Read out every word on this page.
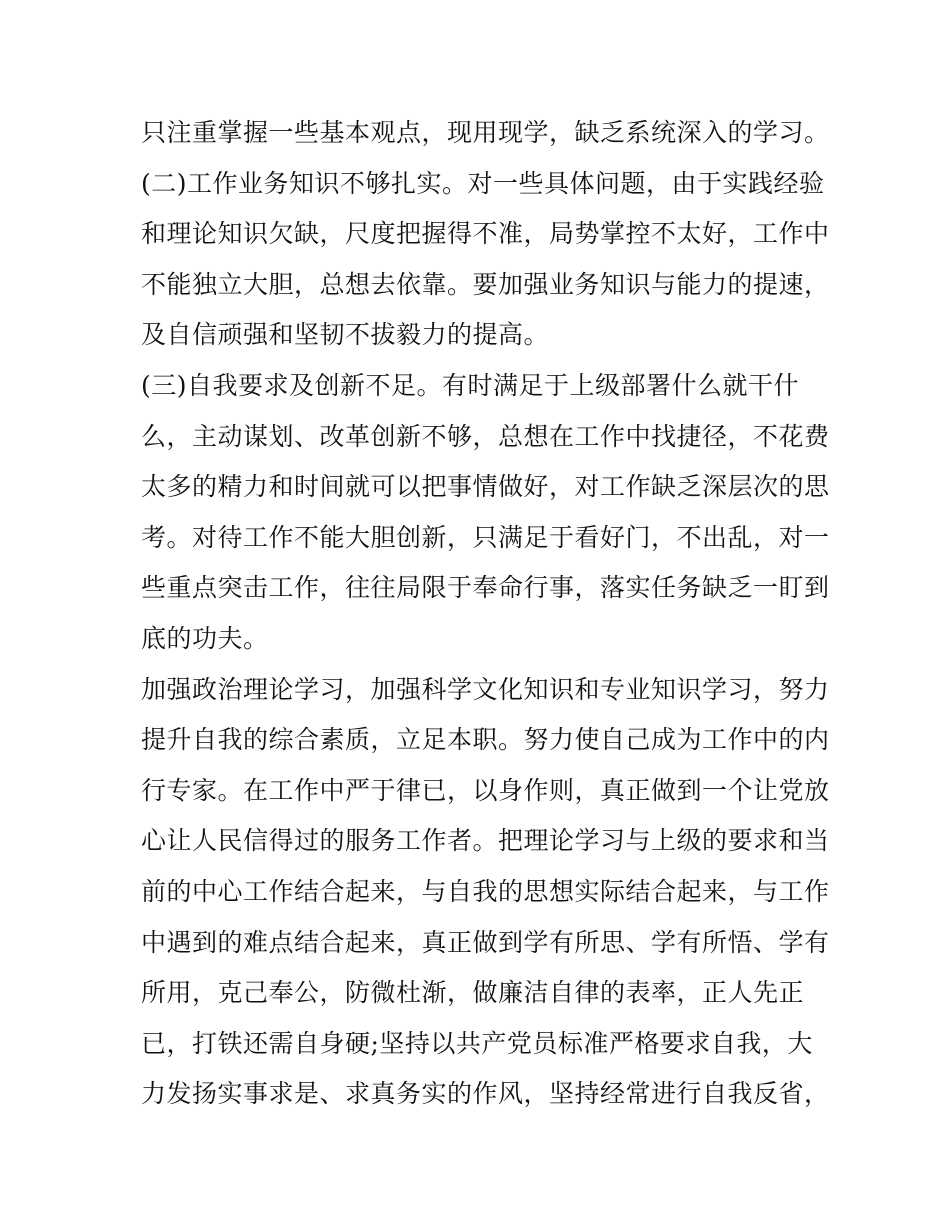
只注重掌握一些基本观点，现用现学，缺乏系统深入的学习。
(二)工作业务知识不够扎实。对一些具体问题，由于实践经验
和理论知识欠缺，尺度把握得不准，局势掌控不太好，工作中
不能独立大胆，总想去依靠。要加强业务知识与能力的提速，
及自信顽强和坚韧不拔毅力的提高。
(三)自我要求及创新不足。有时满足于上级部署什么就干什
么，主动谋划、改革创新不够，总想在工作中找捷径，不花费
太多的精力和时间就可以把事情做好，对工作缺乏深层次的思
考。对待工作不能大胆创新，只满足于看好门，不出乱，对一
些重点突击工作，往往局限于奉命行事，落实任务缺乏一盯到
底的功夫。
加强政治理论学习，加强科学文化知识和专业知识学习，努力
提升自我的综合素质，立足本职。努力使自己成为工作中的内
行专家。在工作中严于律已，以身作则，真正做到一个让党放
心让人民信得过的服务工作者。把理论学习与上级的要求和当
前的中心工作结合起来，与自我的思想实际结合起来，与工作
中遇到的难点结合起来，真正做到学有所思、学有所悟、学有
所用，克己奉公，防微杜渐，做廉洁自律的表率，正人先正
已，打铁还需自身硬;坚持以共产党员标准严格要求自我，大
力发扬实事求是、求真务实的作风，坚持经常进行自我反省，
